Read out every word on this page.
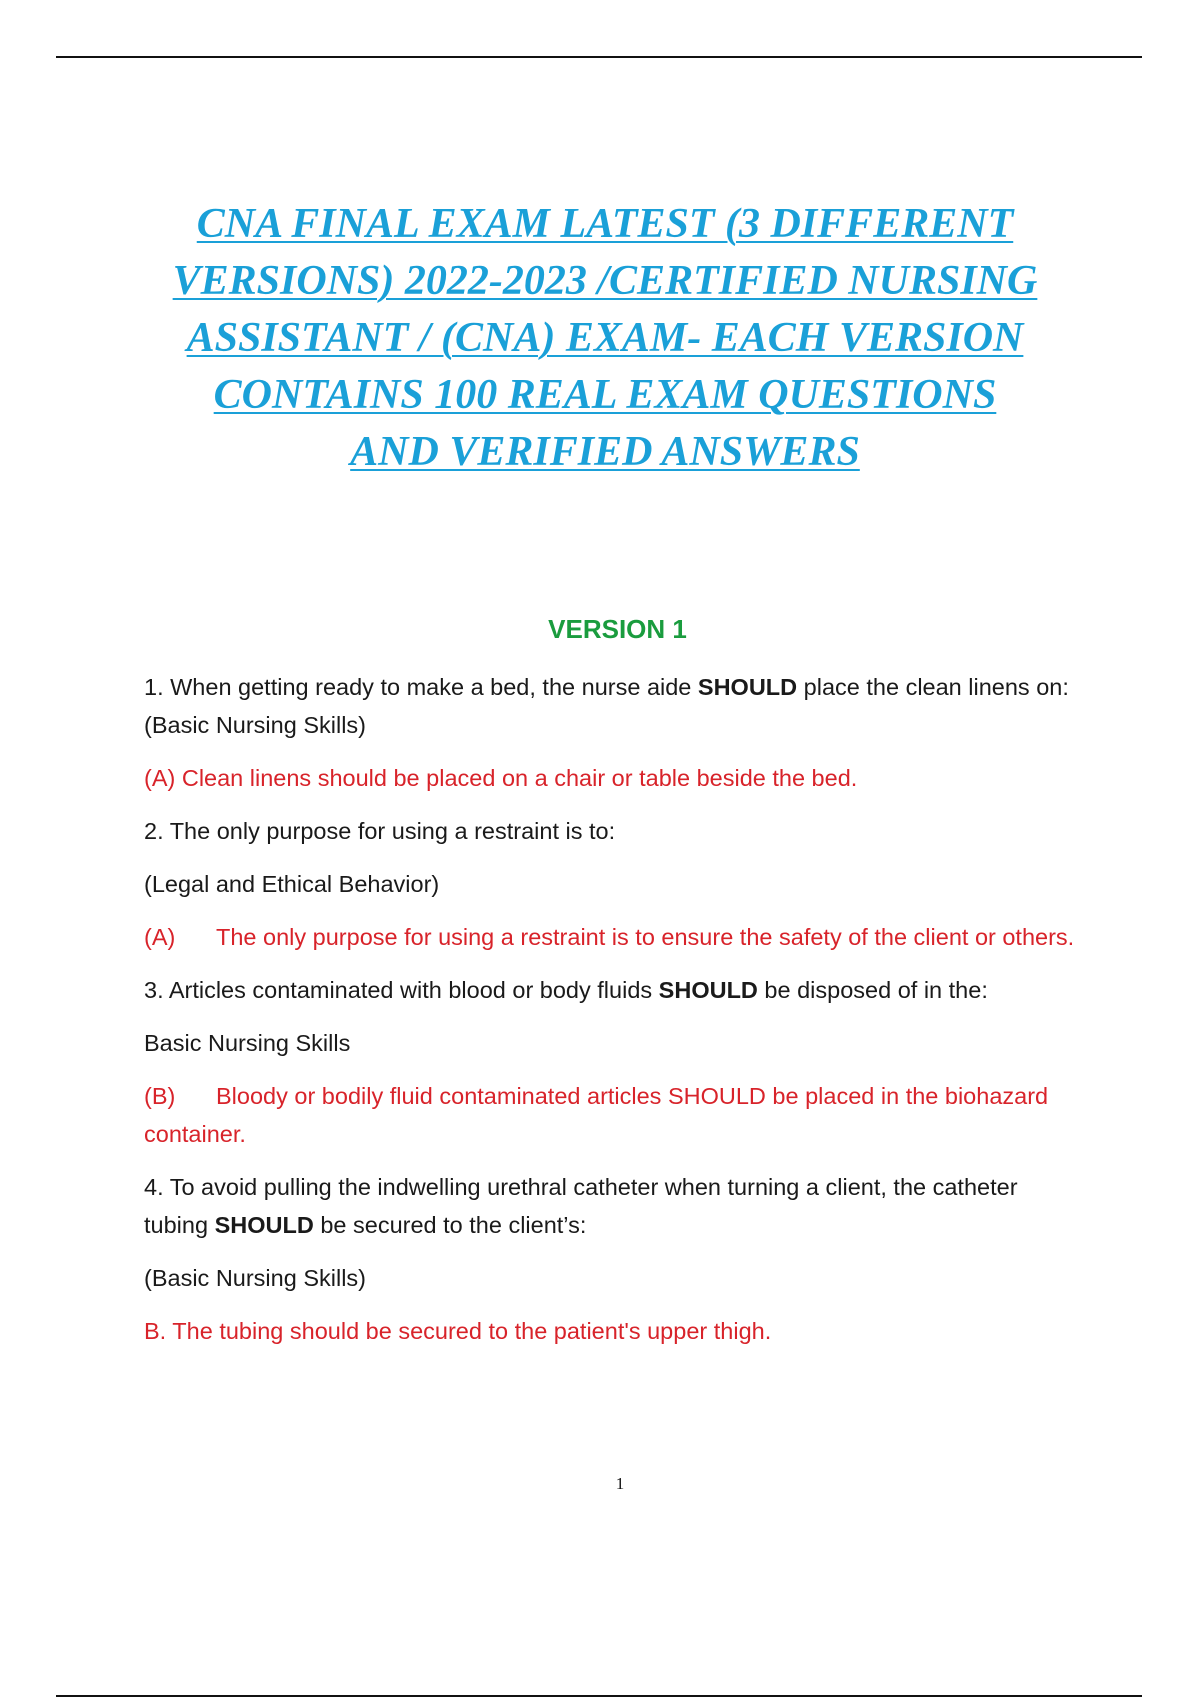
CNA FINAL EXAM LATEST (3 DIFFERENT
VERSIONS) 2022-2023 /CERTIFIED NURSING
ASSISTANT / (CNA) EXAM- EACH VERSION
CONTAINS 100 REAL EXAM QUESTIONS
AND VERIFIED ANSWERS
VERSION 1

1. When getting ready to make a bed, the nurse aide SHOULD place the clean linens on: (Basic Nursing Skills)

(A) Clean linens should be placed on a chair or table beside the bed.

2. The only purpose for using a restraint is to:

(Legal and Ethical Behavior)

(A) The only purpose for using a restraint is to ensure the safety of the client or others.

3. Articles contaminated with blood or body fluids SHOULD be disposed of in the:

Basic Nursing Skills

(B) Bloody or bodily fluid contaminated articles SHOULD be placed in the biohazard container.

4. To avoid pulling the indwelling urethral catheter when turning a client, the catheter tubing SHOULD be secured to the client’s:

(Basic Nursing Skills)

B. The tubing should be secured to the patient's upper thigh.

1
